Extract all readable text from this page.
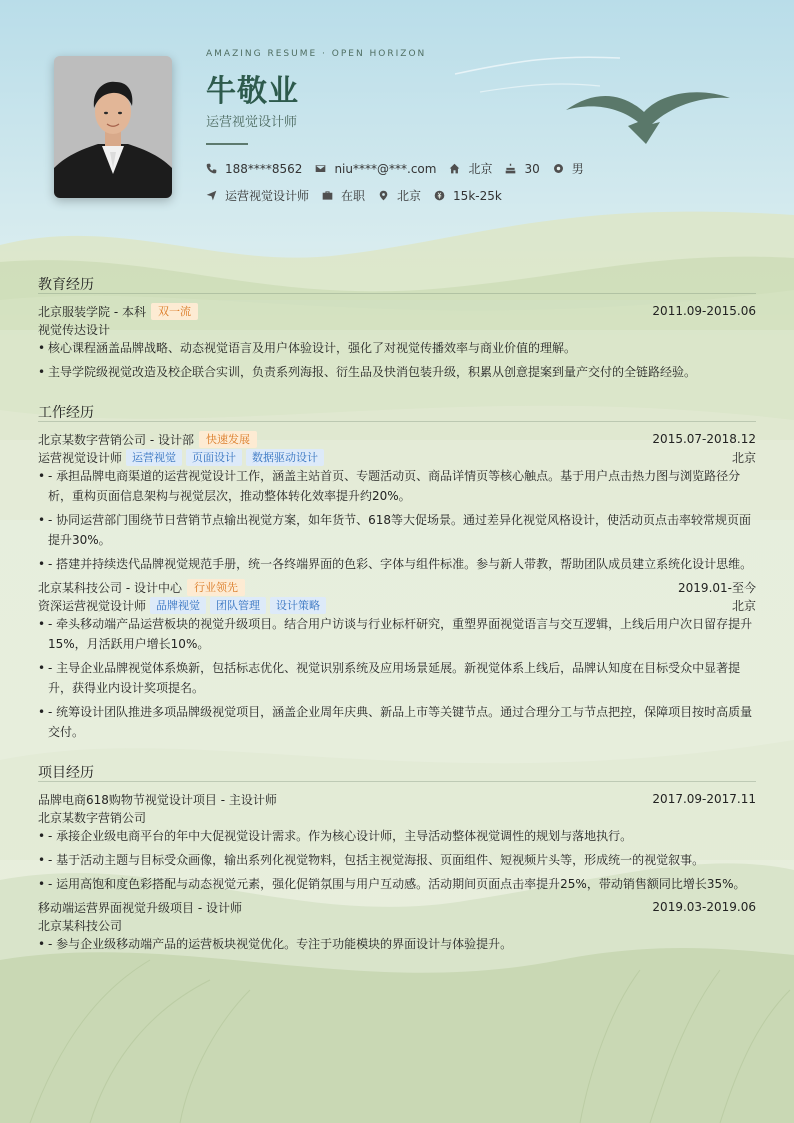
AMAZING RESUME · OPEN HORIZON
牛敬业
运营视觉设计师
188****8562	niu****@***.com	北京	30	男
运营视觉设计师	在职	北京	15k-25k
教育经历
北京服装学院 - 本科	双一流	2011.09-2015.06
视觉传达设计
• 核心课程涵盖品牌战略、动态视觉语言及用户体验设计，强化了对视觉传播效率与商业价值的理解。
• 主导学院级视觉改造及校企联合实训，负责系列海报、衍生品及快消包装升级，积累从创意提案到量产交付的全链路经验。
工作经历
北京某数字营销公司 - 设计部	快速发展	2015.07-2018.12
运营视觉设计师 运营视觉	页面设计	数据驱动设计	北京
• - 承担品牌电商渠道的运营视觉设计工作，涵盖主站首页、专题活动页、商品详情页等核心触点。基于用户点击热力图与浏览路径分析，重构页面信息架构与视觉层次，推动整体转化效率提升约20%。
• - 协同运营部门围绕节日营销节点输出视觉方案，如年货节、618等大促场景。通过差异化视觉风格设计，使活动页点击率较常规页面提升30%。
• - 搭建并持续迭代品牌视觉规范手册，统一各终端界面的色彩、字体与组件标准。参与新人带教，帮助团队成员建立系统化设计思维。
北京某科技公司 - 设计中心	行业领先	2019.01-至今
资深运营视觉设计师 品牌视觉	团队管理	设计策略	北京
• - 牵头移动端产品运营板块的视觉升级项目。结合用户访谈与行业标杆研究，重塑界面视觉语言与交互逻辑，上线后用户次日留存提升15%，月活跃用户增长10%。
• - 主导企业品牌视觉体系焕新，包括标志优化、视觉识别系统及应用场景延展。新视觉体系上线后，品牌认知度在目标受众中显著提升，获得业内设计奖项提名。
• - 统筹设计团队推进多项品牌级视觉项目，涵盖企业周年庆典、新品上市等关键节点。通过合理分工与节点把控，保障项目按时高质量交付。
项目经历
品牌电商618购物节视觉设计项目 - 主设计师	2017.09-2017.11
北京某数字营销公司
• - 承接企业级电商平台的年中大促视觉设计需求。作为核心设计师，主导活动整体视觉调性的规划与落地执行。
• - 基于活动主题与目标受众画像，输出系列化视觉物料，包括主视觉海报、页面组件、短视频片头等，形成统一的视觉叙事。
• - 运用高饱和度色彩搭配与动态视觉元素，强化促销氛围与用户互动感。活动期间页面点击率提升25%，带动销售额同比增长35%。
移动端运营界面视觉升级项目 - 设计师	2019.03-2019.06
北京某科技公司
• - 参与企业级移动端产品的运营板块视觉优化。专注于功能模块的界面设计与体验提升。
